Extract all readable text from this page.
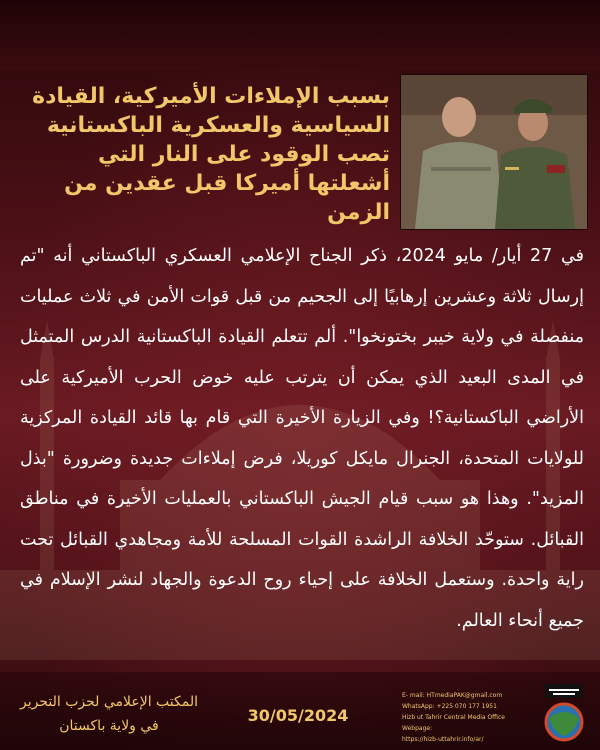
بسبب الإملاءات الأميركية، القيادة السياسية والعسكرية الباكستانية تصب الوقود على النار التي أشعلتها أميركا قبل عقدين من الزمن
في 27 أيار/ مايو 2024، ذكر الجناح الإعلامي العسكري الباكستاني أنه "تم إرسال ثلاثة وعشرين إرهابيًا إلى الجحيم من قبل قوات الأمن في ثلاث عمليات منفصلة في ولاية خيبر بختونخوا". ألم تتعلم القيادة الباكستانية الدرس المتمثل في المدى البعيد الذي يمكن أن يترتب عليه خوض الحرب الأميركية على الأراضي الباكستانية؟! وفي الزيارة الأخيرة التي قام بها قائد القيادة المركزية للولايات المتحدة، الجنرال مايكل كوريلا، فرض إملاءات جديدة وضرورة "بذل المزيد". وهذا هو سبب قيام الجيش الباكستاني بالعمليات الأخيرة في مناطق القبائل. ستوحّد الخلافة الراشدة القوات المسلحة للأمة ومجاهدي القبائل تحت راية واحدة. وستعمل الخلافة على إحياء روح الدعوة والجهاد لنشر الإسلام في جميع أنحاء العالم.
المكتب الإعلامي لحزب التحرير
في ولاية باكستان
30/05/2024
E- mail: HTmediaPAK@gmail.com
WhatsApp: +225 070 177 1951
Hizb ut Tahrir Central Media Office Webpage:
https://hizb-uttahrir.info/ar/
